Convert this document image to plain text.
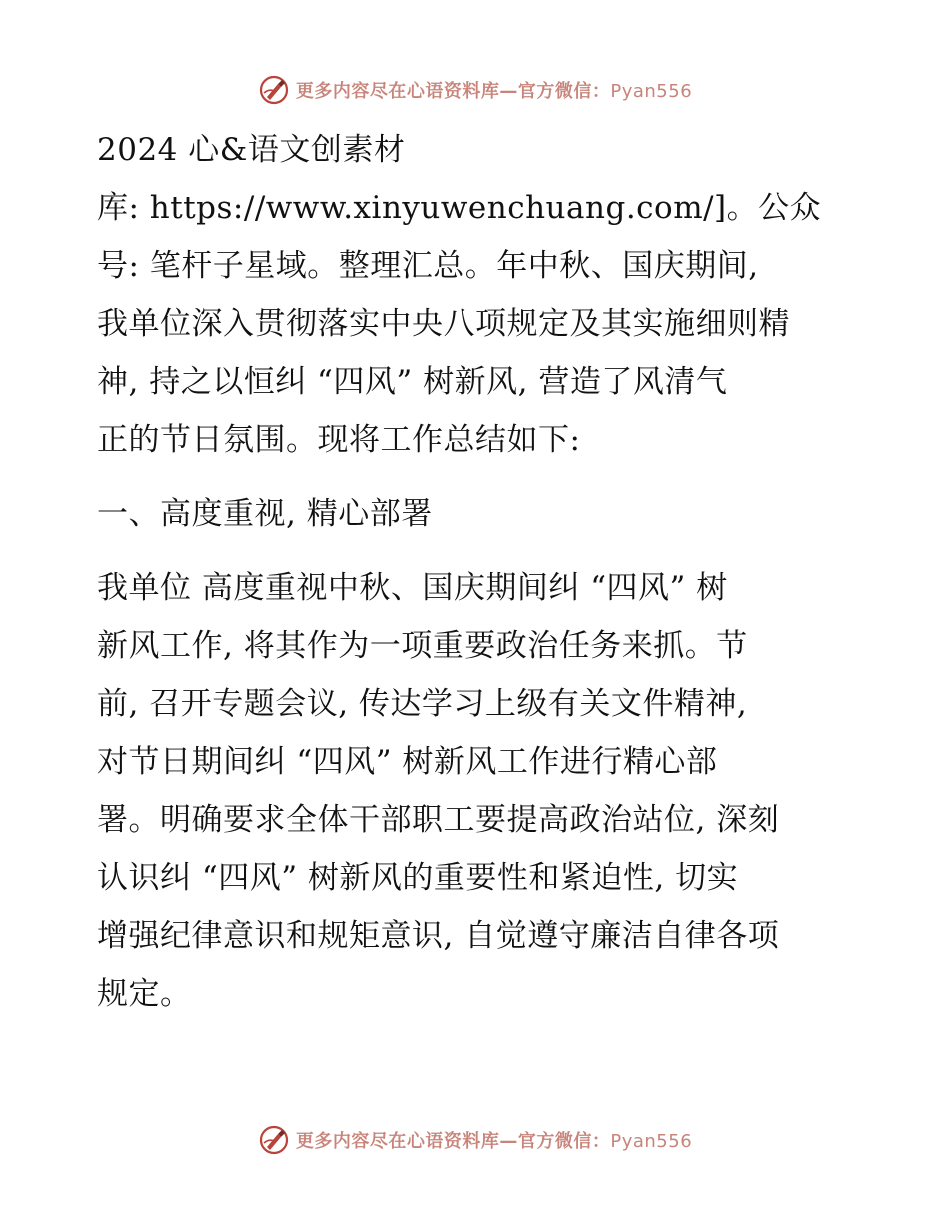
更多内容尽在心语资料库—官方微信：Pyan556
2024 心&语文创素材
库: https://www.xinyuwenchuang.com/]。公众
号: 笔杆子星域。整理汇总。年中秋、国庆期间,
我单位深入贯彻落实中央八项规定及其实施细则精
神, 持之以恒纠 “四风” 树新风, 营造了风清气
正的节日氛围。现将工作总结如下:
一、高度重视, 精心部署
我单位 高度重视中秋、国庆期间纠 “四风” 树
新风工作, 将其作为一项重要政治任务来抓。节
前, 召开专题会议, 传达学习上级有关文件精神,
对节日期间纠 “四风” 树新风工作进行精心部
署。明确要求全体干部职工要提高政治站位, 深刻
认识纠 “四风” 树新风的重要性和紧迫性, 切实
增强纪律意识和规矩意识, 自觉遵守廉洁自律各项
规定。
更多内容尽在心语资料库—官方微信：Pyan556
